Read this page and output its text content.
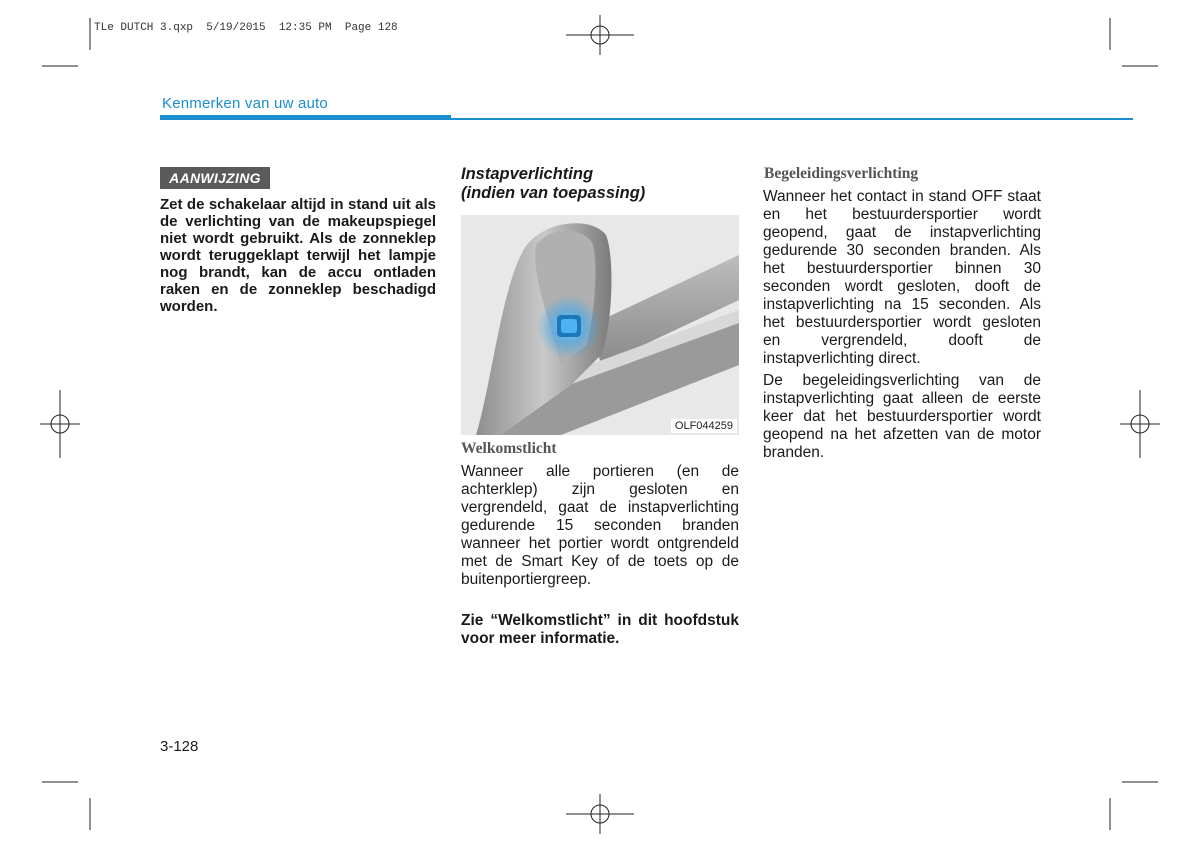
TLe DUTCH 3.qxp  5/19/2015  12:35 PM  Page 128
Kenmerken van uw auto
AANWIJZING

Zet de schakelaar altijd in stand uit als de verlichting van de makeupspiegel niet wordt gebruikt. Als de zonneklep wordt teruggeklapt terwijl het lampje nog brandt, kan de accu ontladen raken en de zonneklep beschadigd worden.

Instapverlichting
(indien van toepassing)
OLF044259
Welkomstlicht

Wanneer alle portieren (en de achterklep) zijn gesloten en vergrendeld, gaat de instapverlichting gedurende 15 seconden branden wanneer het portier wordt ontgrendeld met de Smart Key of de toets op de buitenportiergreep.

Zie “Welkomstlicht” in dit hoofdstuk voor meer informatie.

Begeleidingsverlichting

Wanneer het contact in stand OFF staat en het bestuurdersportier wordt geopend, gaat de instapverlichting gedurende 30 seconden branden. Als het bestuurdersportier binnen 30 seconden wordt gesloten, dooft de instapverlichting na 15 seconden. Als het bestuurdersportier wordt gesloten en vergrendeld, dooft de instapverlichting direct.

De begeleidingsverlichting van de instapverlichting gaat alleen de eerste keer dat het bestuurdersportier wordt geopend na het afzetten van de motor branden.

3-128
